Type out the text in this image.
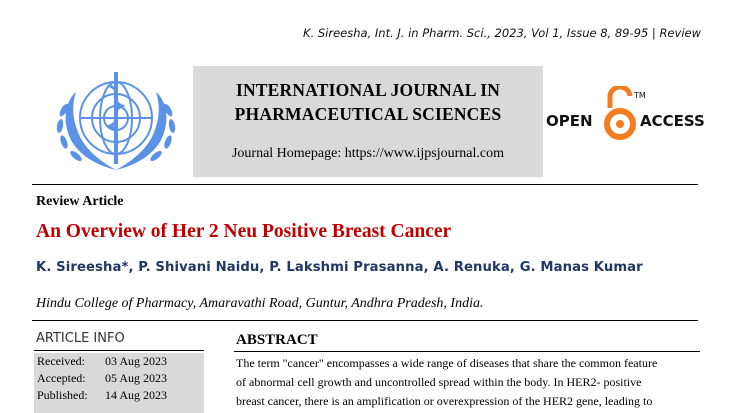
K. Sireesha, Int. J. in Pharm. Sci., 2023, Vol 1, Issue 8, 89-95 | Review
INTERNATIONAL JOURNAL IN
PHARMACEUTICAL SCIENCES
Journal Homepage: https://www.ijpsjournal.com
OPEN
TM
ACCESS
Review Article
An Overview of Her 2 Neu Positive Breast Cancer
K. Sireesha*, P. Shivani Naidu, P. Lakshmi Prasanna, A. Renuka, G. Manas Kumar
Hindu College of Pharmacy, Amaravathi Road, Guntur, Andhra Pradesh, India.
ARTICLE INFO
Received: 03 Aug 2023
Accepted: 05 Aug 2023
Published: 14 Aug 2023
ABSTRACT
The term "cancer" encompasses a wide range of diseases that share the common feature
of abnormal cell growth and uncontrolled spread within the body. In HER2- positive
breast cancer, there is an amplification or overexpression of the HER2 gene, leading to
